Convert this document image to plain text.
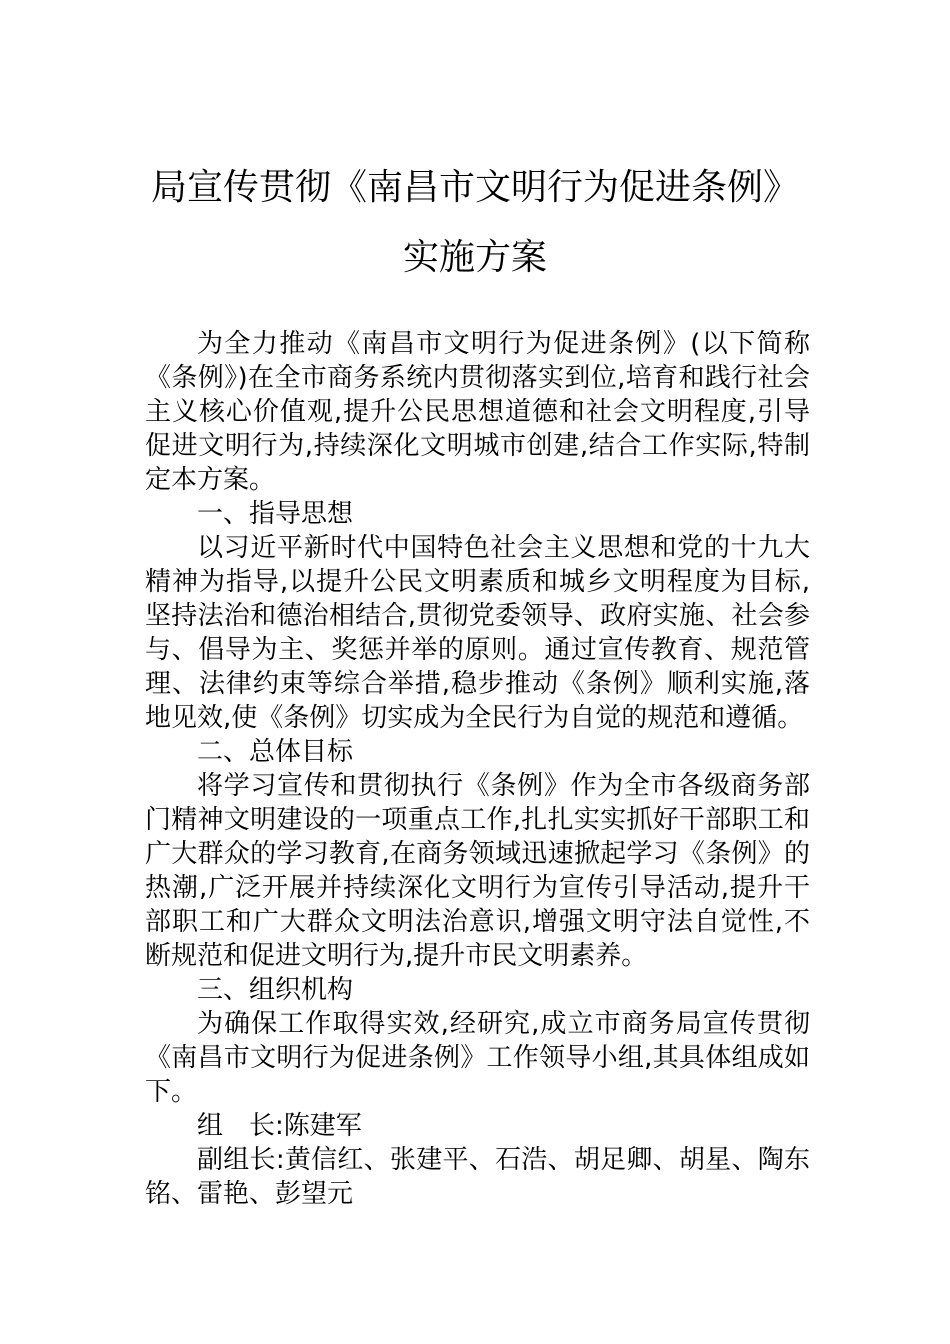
局宣传贯彻《南昌市文明行为促进条例》
实施方案

为全力推动《南昌市文明行为促进条例》(以下简称《条例》)在全市商务系统内贯彻落实到位,培育和践行社会主义核心价值观,提升公民思想道德和社会文明程度,引导促进文明行为,持续深化文明城市创建,结合工作实际,特制定本方案。

一、指导思想

以习近平新时代中国特色社会主义思想和党的十九大精神为指导,以提升公民文明素质和城乡文明程度为目标,坚持法治和德治相结合,贯彻党委领导、政府实施、社会参与、倡导为主、奖惩并举的原则。通过宣传教育、规范管理、法律约束等综合举措,稳步推动《条例》顺利实施,落地见效,使《条例》切实成为全民行为自觉的规范和遵循。

二、总体目标

将学习宣传和贯彻执行《条例》作为全市各级商务部门精神文明建设的一项重点工作,扎扎实实抓好干部职工和广大群众的学习教育,在商务领域迅速掀起学习《条例》的热潮,广泛开展并持续深化文明行为宣传引导活动,提升干部职工和广大群众文明法治意识,增强文明守法自觉性,不断规范和促进文明行为,提升市民文明素养。

三、组织机构

为确保工作取得实效,经研究,成立市商务局宣传贯彻《南昌市文明行为促进条例》工作领导小组,其具体组成如下。

组　长:陈建军

副组长:黄信红、张建平、石浩、胡足卿、胡星、陶东铭、雷艳、彭望元
